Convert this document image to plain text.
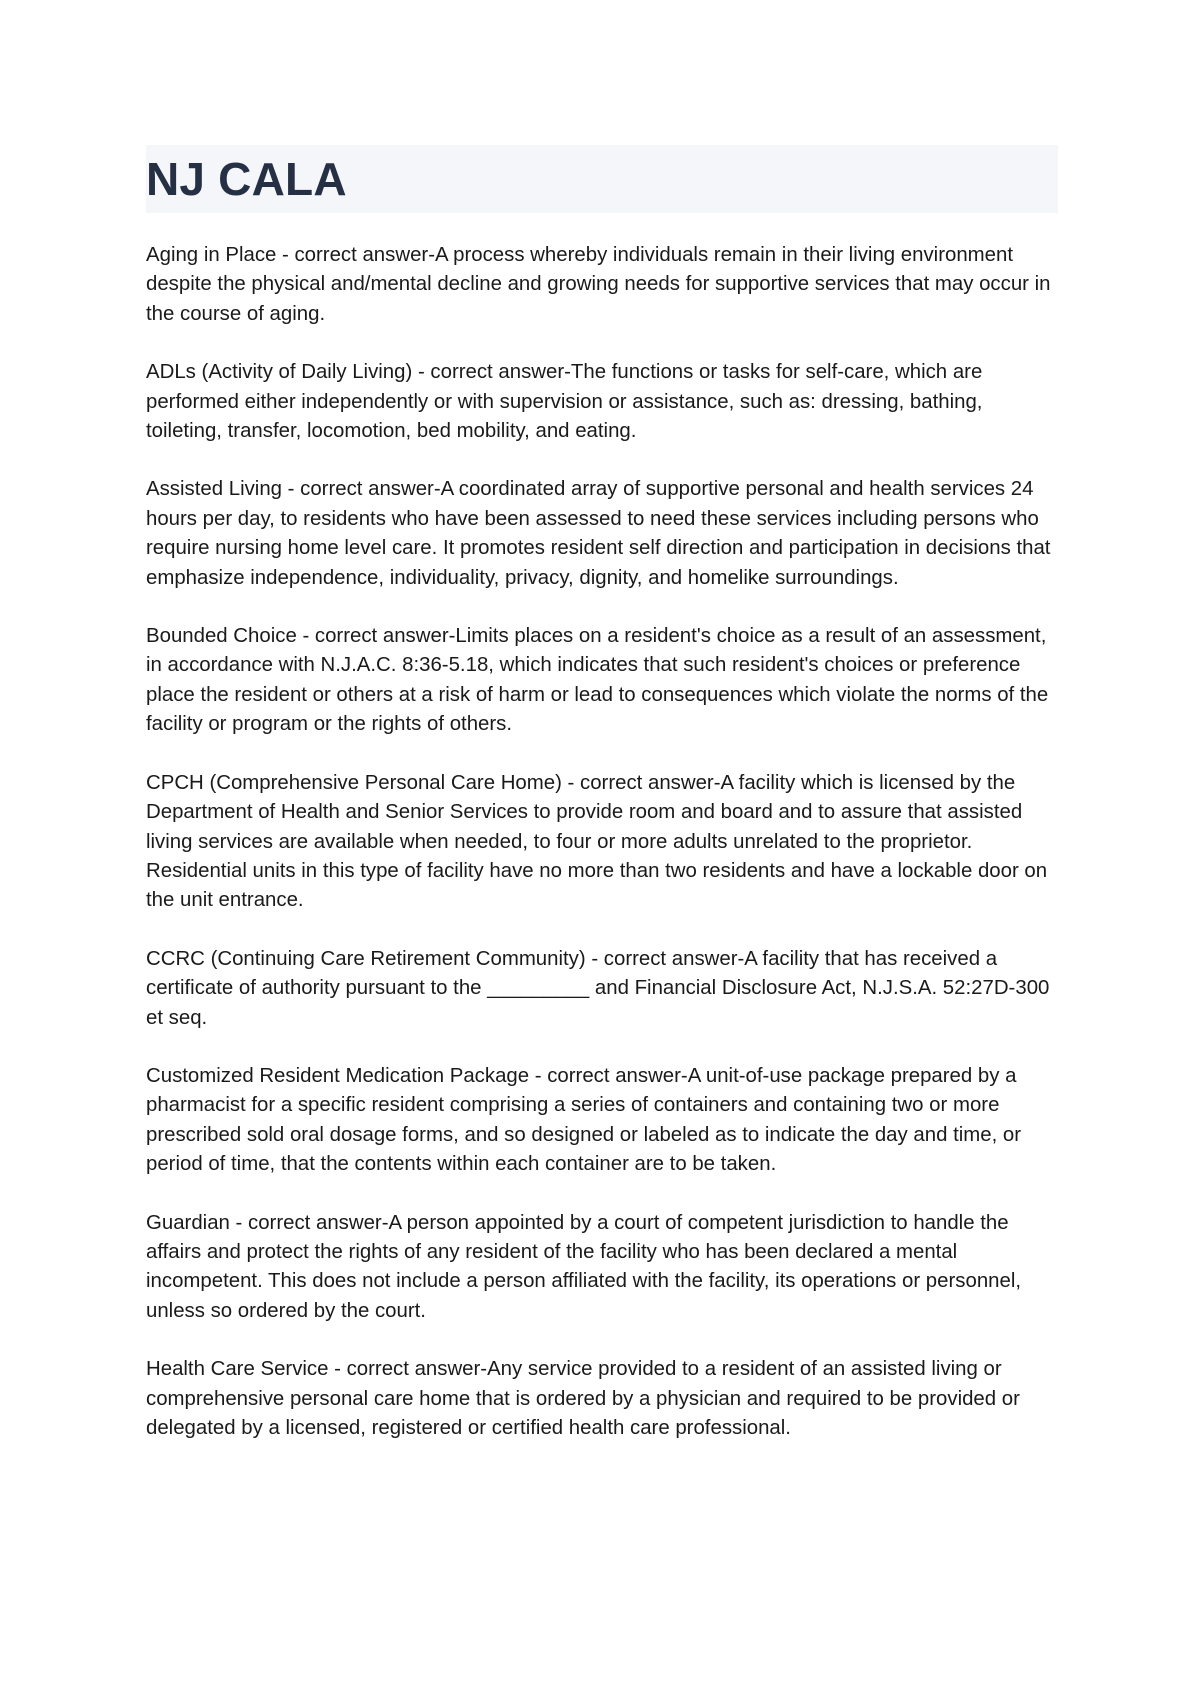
NJ CALA

Aging in Place - correct answer-A process whereby individuals remain in their living environment despite the physical and/mental decline and growing needs for supportive services that may occur in the course of aging.

ADLs (Activity of Daily Living) - correct answer-The functions or tasks for self-care, which are performed either independently or with supervision or assistance, such as: dressing, bathing, toileting, transfer, locomotion, bed mobility, and eating.

Assisted Living - correct answer-A coordinated array of supportive personal and health services 24 hours per day, to residents who have been assessed to need these services including persons who require nursing home level care. It promotes resident self direction and participation in decisions that emphasize independence, individuality, privacy, dignity, and homelike surroundings.

Bounded Choice - correct answer-Limits places on a resident's choice as a result of an assessment, in accordance with N.J.A.C. 8:36-5.18, which indicates that such resident's choices or preference place the resident or others at a risk of harm or lead to consequences which violate the norms of the facility or program or the rights of others.

CPCH (Comprehensive Personal Care Home) - correct answer-A facility which is licensed by the Department of Health and Senior Services to provide room and board and to assure that assisted living services are available when needed, to four or more adults unrelated to the proprietor. Residential units in this type of facility have no more than two residents and have a lockable door on the unit entrance.

CCRC (Continuing Care Retirement Community) - correct answer-A facility that has received a certificate of authority pursuant to the _________ and Financial Disclosure Act, N.J.S.A. 52:27D-300 et seq.

Customized Resident Medication Package - correct answer-A unit-of-use package prepared by a pharmacist for a specific resident comprising a series of containers and containing two or more prescribed sold oral dosage forms, and so designed or labeled as to indicate the day and time, or period of time, that the contents within each container are to be taken.

Guardian - correct answer-A person appointed by a court of competent jurisdiction to handle the affairs and protect the rights of any resident of the facility who has been declared a mental incompetent. This does not include a person affiliated with the facility, its operations or personnel, unless so ordered by the court.

Health Care Service - correct answer-Any service provided to a resident of an assisted living or comprehensive personal care home that is ordered by a physician and required to be provided or delegated by a licensed, registered or certified health care professional.
